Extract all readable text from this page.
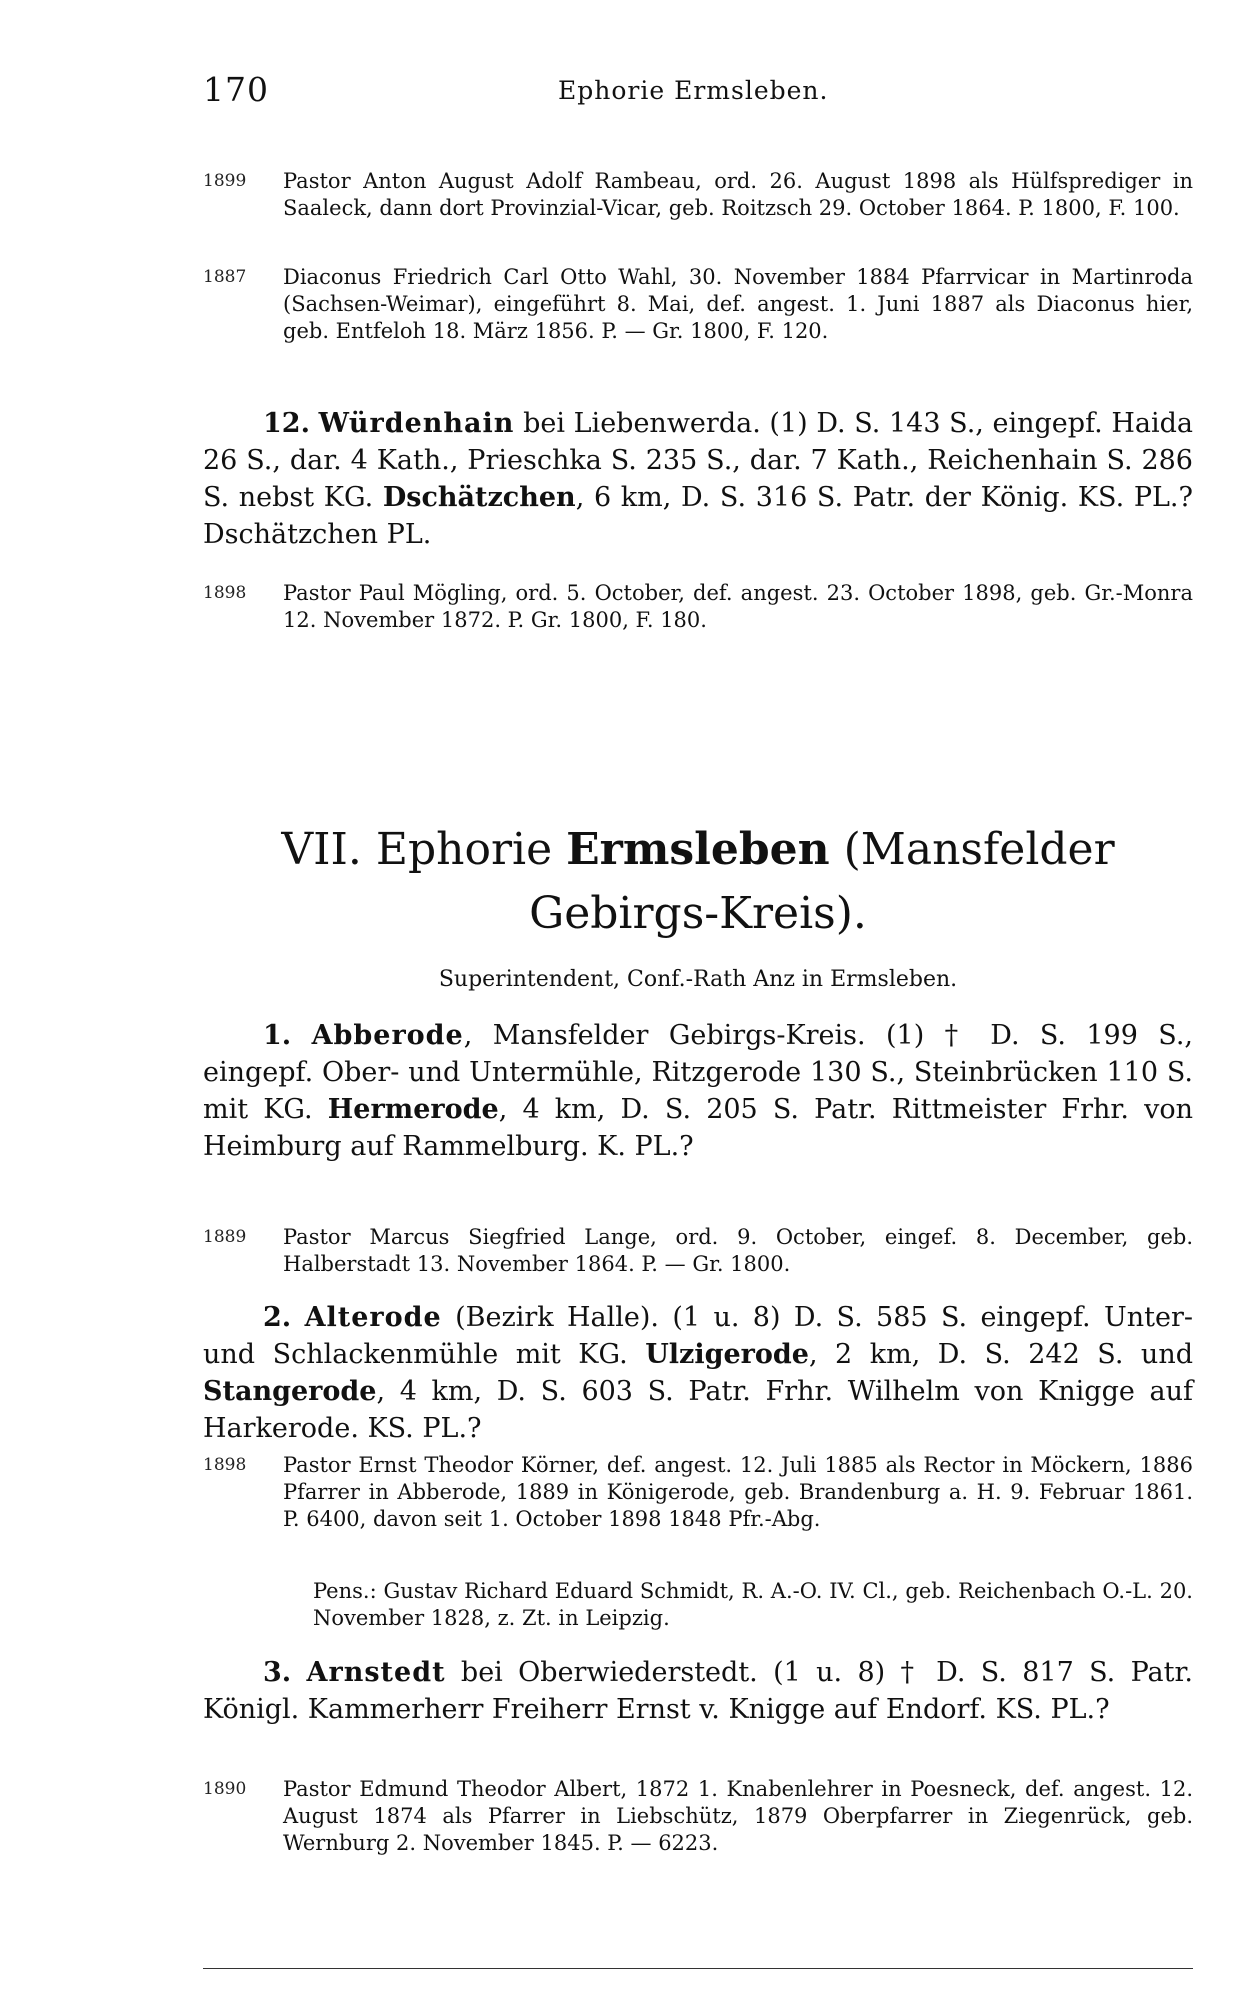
170	Ephorie Ermsleben.
1899 Pastor Anton August Adolf Rambeau, ord. 26. August 1898 als Hülfsprediger in Saaleck, dann dort Provinzial-Vicar, geb. Roitzsch 29. October 1864. P. 1800, F. 100.
1887 Diaconus Friedrich Carl Otto Wahl, 30. November 1884 Pfarrvicar in Martinroda (Sachsen-Weimar), eingeführt 8. Mai, def. angest. 1. Juni 1887 als Diaconus hier, geb. Entfeloh 18. März 1856. P. — Gr. 1800, F. 120.
12. Würdenhain bei Liebenwerda. (1) D. S. 143 S., eingepf. Haida 26 S., dar. 4 Kath., Prieschka S. 235 S., dar. 7 Kath., Reichenhain S. 286 S. nebst KG. Dschätzchen, 6 km, D. S. 316 S. Patr. der König. KS. PL.? Dschätzchen PL.
1898 Pastor Paul Mögling, ord. 5. October, def. angest. 23. October 1898, geb. Gr.-Monra 12. November 1872. P. Gr. 1800, F. 180.
VII. Ephorie Ermsleben (Mansfelder Gebirgs-Kreis).
Superintendent, Conf.-Rath Anz in Ermsleben.
1. Abberode, Mansfelder Gebirgs-Kreis. (1) † D. S. 199 S., eingepf. Ober- und Untermühle, Ritzgerode 130 S., Steinbrücken 110 S. mit KG. Hermerode, 4 km, D. S. 205 S. Patr. Rittmeister Frhr. von Heimburg auf Rammelburg. K. PL.?
1889 Pastor Marcus Siegfried Lange, ord. 9. October, eingef. 8. December, geb. Halberstadt 13. November 1864. P. — Gr. 1800.
2. Alterode (Bezirk Halle). (1 u. 8) D. S. 585 S. eingepf. Unter- und Schlackenmühle mit KG. Ulzigerode, 2 km, D. S. 242 S. und Stangerode, 4 km, D. S. 603 S. Patr. Frhr. Wilhelm von Knigge auf Harkerode. KS. PL.?
1898 Pastor Ernst Theodor Körner, def. angest. 12. Juli 1885 als Rector in Möckern, 1886 Pfarrer in Abberode, 1889 in Königerode, geb. Brandenburg a. H. 9. Februar 1861. P. 6400, davon seit 1. October 1898 1848 Pfr.-Abg.
Pens.: Gustav Richard Eduard Schmidt, R. A.-O. IV. Cl., geb. Reichenbach O.-L. 20. November 1828, z. Zt. in Leipzig.
3. Arnstedt bei Oberwiederstedt. (1 u. 8) † D. S. 817 S. Patr. Königl. Kammerherr Freiherr Ernst v. Knigge auf Endorf. KS. PL.?
1890 Pastor Edmund Theodor Albert, 1872 1. Knabenlehrer in Poesneck, def. angest. 12. August 1874 als Pfarrer in Liebschütz, 1879 Oberpfarrer in Ziegenrück, geb. Wernburg 2. November 1845. P. — 6223.
